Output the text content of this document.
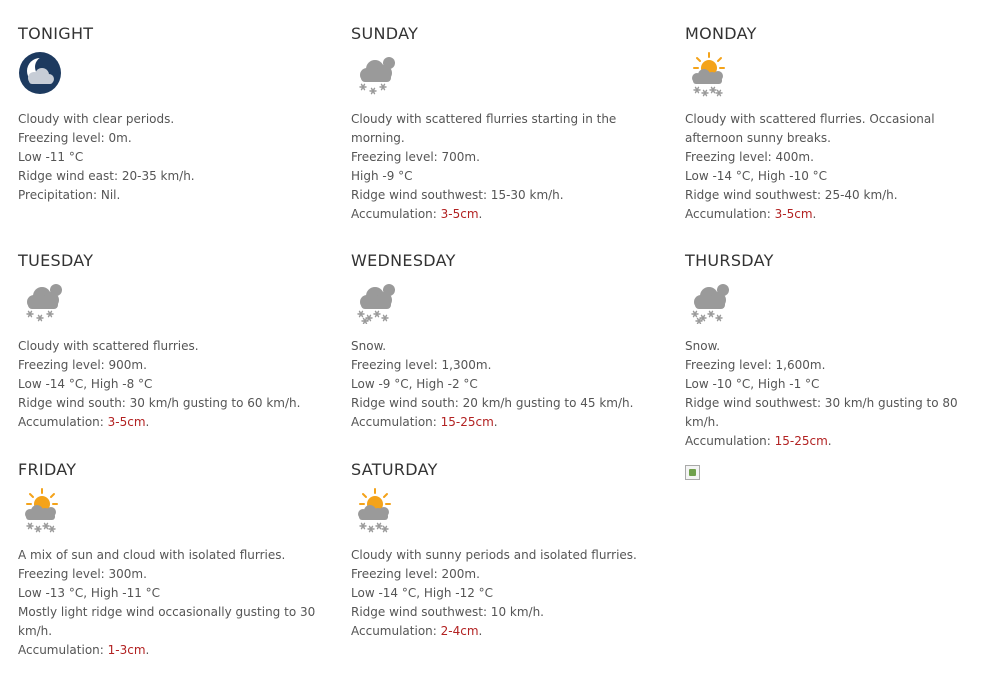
TONIGHT
Cloudy with clear periods.
Freezing level: 0m.
Low -11 °C
Ridge wind east: 20-35 km/h.
Precipitation: Nil.
SUNDAY
Cloudy with scattered flurries starting in the morning.
Freezing level: 700m.
High -9 °C
Ridge wind southwest: 15-30 km/h.
Accumulation: 3-5cm.
MONDAY
Cloudy with scattered flurries. Occasional afternoon sunny breaks.
Freezing level: 400m.
Low -14 °C, High -10 °C
Ridge wind southwest: 25-40 km/h.
Accumulation: 3-5cm.
TUESDAY
Cloudy with scattered flurries.
Freezing level: 900m.
Low -14 °C, High -8 °C
Ridge wind south: 30 km/h gusting to 60 km/h.
Accumulation: 3-5cm.
WEDNESDAY
Snow.
Freezing level: 1,300m.
Low -9 °C, High -2 °C
Ridge wind south: 20 km/h gusting to 45 km/h.
Accumulation: 15-25cm.
THURSDAY
Snow.
Freezing level: 1,600m.
Low -10 °C, High -1 °C
Ridge wind southwest: 30 km/h gusting to 80 km/h.
Accumulation: 15-25cm.
FRIDAY
A mix of sun and cloud with isolated flurries.
Freezing level: 300m.
Low -13 °C, High -11 °C
Mostly light ridge wind occasionally gusting to 30 km/h.
Accumulation: 1-3cm.
SATURDAY
Cloudy with sunny periods and isolated flurries.
Freezing level: 200m.
Low -14 °C, High -12 °C
Ridge wind southwest: 10 km/h.
Accumulation: 2-4cm.
